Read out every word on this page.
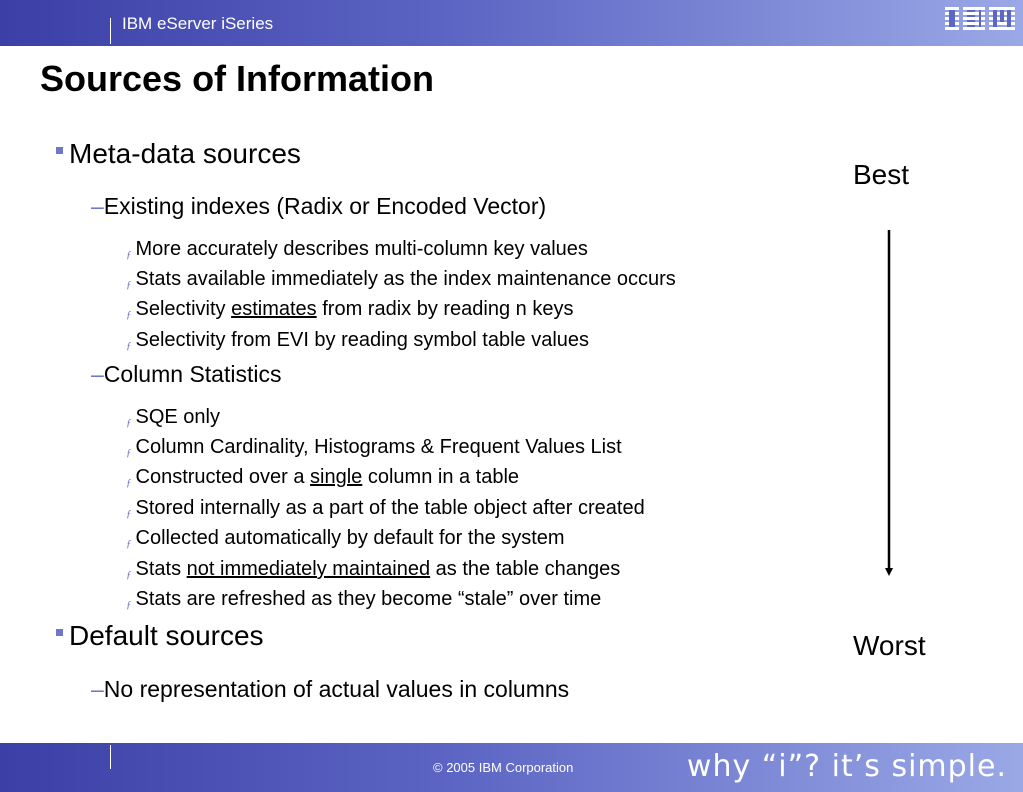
IBM eServer iSeries
Sources of Information
Meta-data sources
–Existing indexes (Radix or Encoded Vector)
ƒ More accurately describes multi-column key values
ƒ Stats available immediately as the index maintenance occurs
ƒ Selectivity estimates from radix by reading n keys
ƒ Selectivity from EVI by reading symbol table values
–Column Statistics
ƒ SQE only
ƒ Column Cardinality, Histograms & Frequent Values List
ƒ Constructed over a single column in a table
ƒ Stored internally as a part of the table object after created
ƒ Collected automatically by default for the system
ƒ Stats not immediately maintained as the table changes
ƒ Stats are refreshed as they become “stale” over time
Default sources
–No representation of actual values in columns
Best
Worst
© 2005 IBM Corporation	why “i”? it’s simple.
